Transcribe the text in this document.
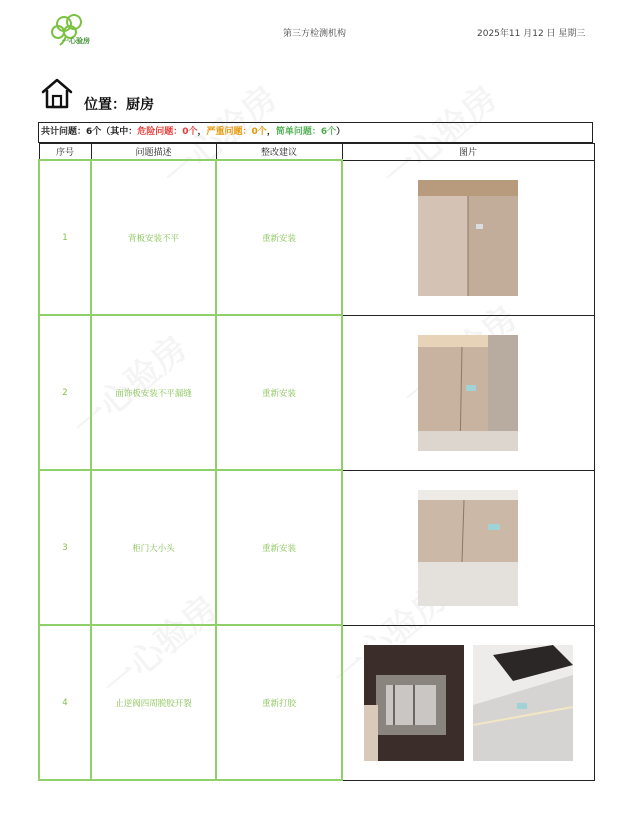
一心验房
第三方检测机构	2025年11 月12 日 星期三
位置：厨房
共计问题：6个（其中：危险问题：0个，严重问题：0个，简单问题：6个）
序号	问题描述	整改建议	图片
1	背板安装不平	重新安装	

2	面饰板安装不平漏缝	重新安装	

3	柜门大小头	重新安装	

4	止逆阀四周脱胶开裂	重新打胶	
